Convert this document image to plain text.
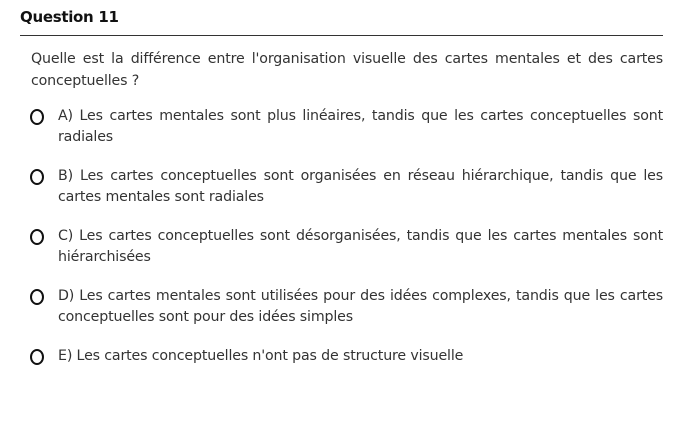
Question 11
Quelle est la différence entre l'organisation visuelle des cartes mentales et des cartes conceptuelles ?
A) Les cartes mentales sont plus linéaires, tandis que les cartes conceptuelles sont radiales
B) Les cartes conceptuelles sont organisées en réseau hiérarchique, tandis que les cartes mentales sont radiales
C) Les cartes conceptuelles sont désorganisées, tandis que les cartes mentales sont hiérarchisées
D) Les cartes mentales sont utilisées pour des idées complexes, tandis que les cartes conceptuelles sont pour des idées simples
E) Les cartes conceptuelles n'ont pas de structure visuelle
